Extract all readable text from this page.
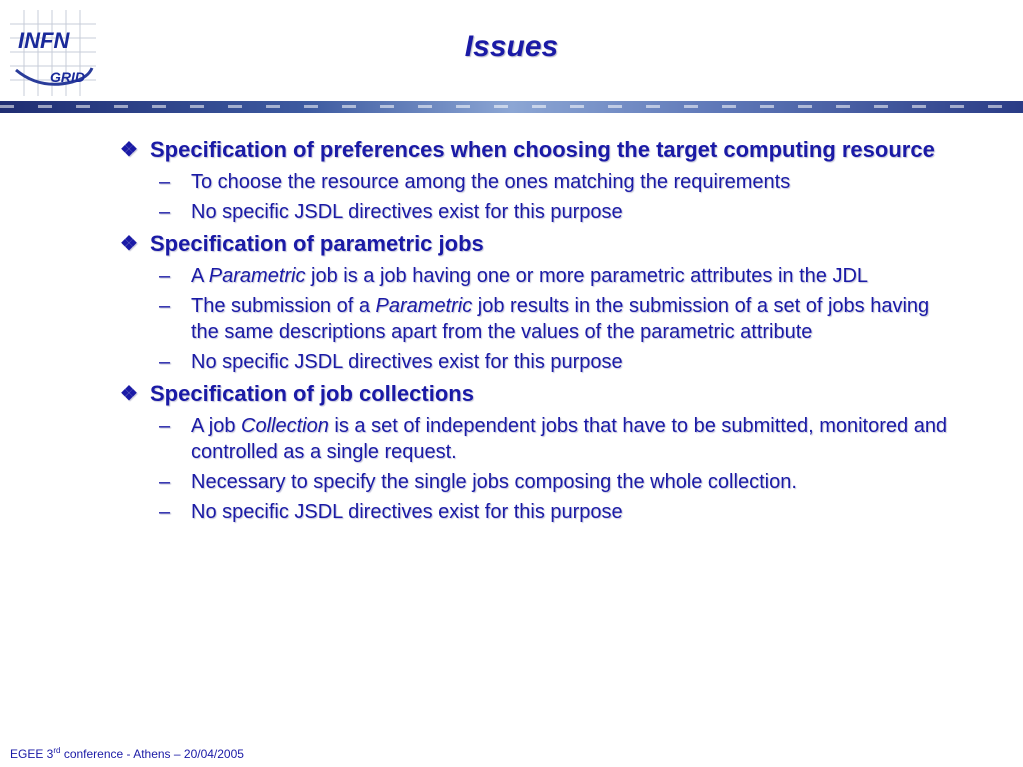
INFN
GRID
Issues
❖ Specification of preferences when choosing the target computing resource
– To choose the resource among the ones matching the requirements
– No specific JSDL directives exist for this purpose
❖ Specification of parametric jobs
– A Parametric job is a job having one or more parametric attributes in the JDL
– The submission of a Parametric job results in the submission of a set of jobs having the same descriptions apart from the values of the parametric attribute
– No specific JSDL directives exist for this purpose
❖ Specification of job collections
– A job Collection is a set of independent jobs that have to be submitted, monitored and controlled as a single request.
– Necessary to specify the single jobs composing the whole collection.
– No specific JSDL directives exist for this purpose
EGEE 3rd conference - Athens – 20/04/2005
